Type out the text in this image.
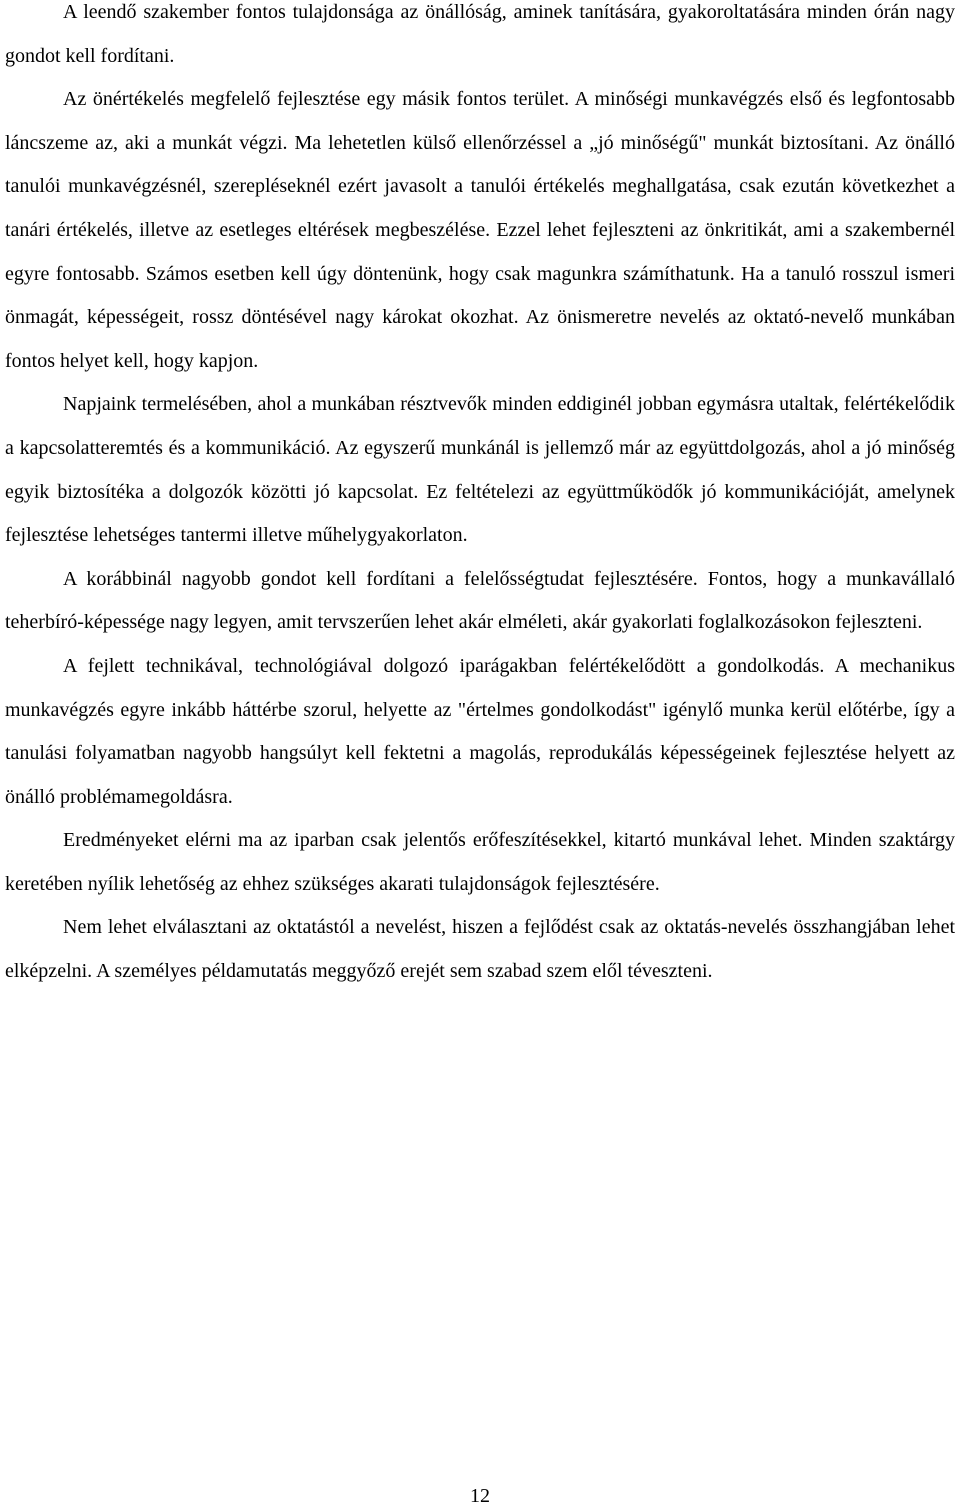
A leendő szakember fontos tulajdonsága az önállóság, aminek tanítására, gyakoroltatására minden órán nagy gondot kell fordítani.

Az önértékelés megfelelő fejlesztése egy másik fontos terület. A minőségi munkavégzés első és legfontosabb láncszeme az, aki a munkát végzi. Ma lehetetlen külső ellenőrzéssel a „jó minőségű" munkát biztosítani. Az önálló tanulói munkavégzésnél, szerepléseknél ezért javasolt a tanulói értékelés meghallgatása, csak ezután következhet a tanári értékelés, illetve az esetleges eltérések megbeszélése. Ezzel lehet fejleszteni az önkritikát, ami a szakembernél egyre fontosabb. Számos esetben kell úgy döntenünk, hogy csak magunkra számíthatunk. Ha a tanuló rosszul ismeri önmagát, képességeit, rossz döntésével nagy károkat okozhat. Az önismeretre nevelés az oktató-nevelő munkában fontos helyet kell, hogy kapjon.

Napjaink termelésében, ahol a munkában résztvevők minden eddiginél jobban egymásra utaltak, felértékelődik a kapcsolatteremtés és a kommunikáció. Az egyszerű munkánál is jellemző már az együttdolgozás, ahol a jó minőség egyik biztosítéka a dolgozók közötti jó kapcsolat. Ez feltételezi az együttműködők jó kommunikációját, amelynek fejlesztése lehetséges tantermi illetve műhelygyakorlaton.

A korábbinál nagyobb gondot kell fordítani a felelősségtudat fejlesztésére. Fontos, hogy a munkavállaló teherbíró-képessége nagy legyen, amit tervszerűen lehet akár elméleti, akár gyakorlati foglalkozásokon fejleszteni.

A fejlett technikával, technológiával dolgozó iparágakban felértékelődött a gondolkodás. A mechanikus munkavégzés egyre inkább háttérbe szorul, helyette az "értelmes gondolkodást" igénylő munka kerül előtérbe, így a tanulási folyamatban nagyobb hangsúlyt kell fektetni a magolás, reprodukálás képességeinek fejlesztése helyett az önálló problémamegoldásra.

Eredményeket elérni ma az iparban csak jelentős erőfeszítésekkel, kitartó munkával lehet. Minden szaktárgy keretében nyílik lehetőség az ehhez szükséges akarati tulajdonságok fejlesztésére.

Nem lehet elválasztani az oktatástól a nevelést, hiszen a fejlődést csak az oktatás-nevelés összhangjában lehet elképzelni. A személyes példamutatás meggyőző erejét sem szabad szem elől téveszteni.

12
